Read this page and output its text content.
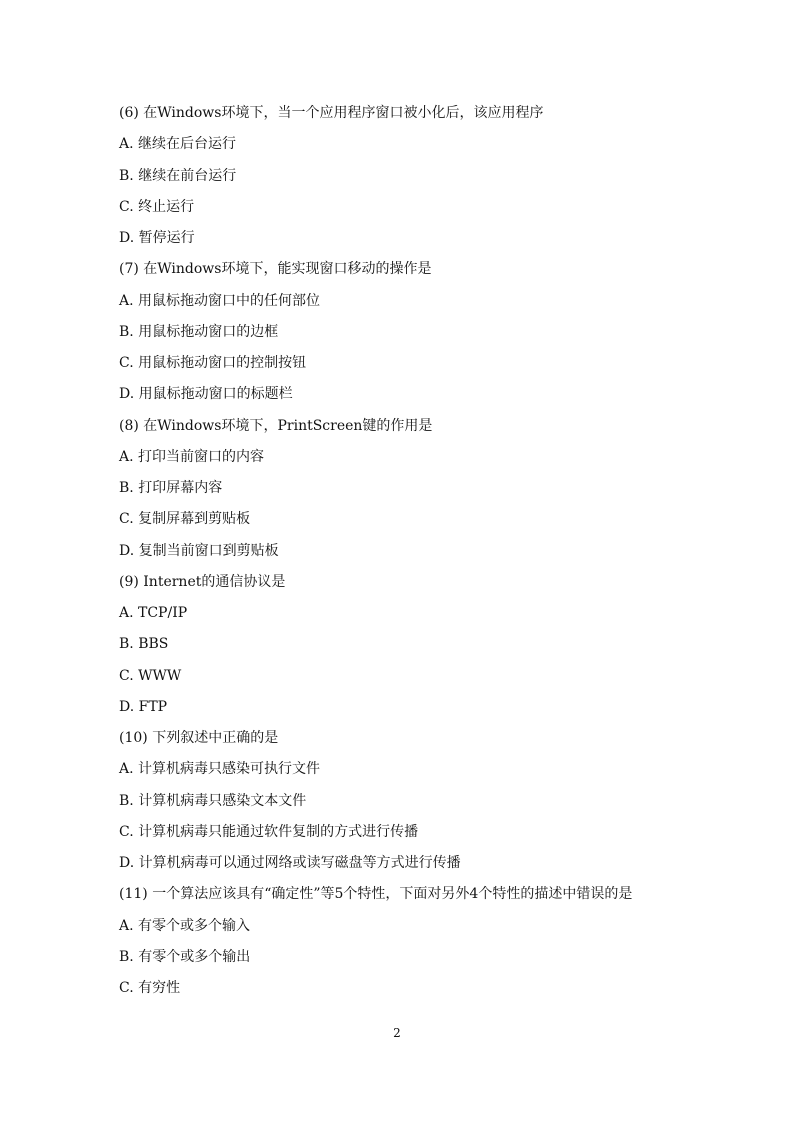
(6) 在Windows环境下，当一个应用程序窗口被小化后，该应用程序
A. 继续在后台运行
B. 继续在前台运行
C. 终止运行
D. 暂停运行
(7) 在Windows环境下，能实现窗口移动的操作是
A. 用鼠标拖动窗口中的任何部位
B. 用鼠标拖动窗口的边框
C. 用鼠标拖动窗口的控制按钮
D. 用鼠标拖动窗口的标题栏
(8) 在Windows环境下，PrintScreen键的作用是
A. 打印当前窗口的内容
B. 打印屏幕内容
C. 复制屏幕到剪贴板
D. 复制当前窗口到剪贴板
(9) Internet的通信协议是
A. TCP/IP
B. BBS
C. WWW
D. FTP
(10) 下列叙述中正确的是
A. 计算机病毒只感染可执行文件
B. 计算机病毒只感染文本文件
C. 计算机病毒只能通过软件复制的方式进行传播
D. 计算机病毒可以通过网络或读写磁盘等方式进行传播
(11) 一个算法应该具有“确定性”等5个特性，下面对另外4个特性的描述中错误的是
A. 有零个或多个输入
B. 有零个或多个输出
C. 有穷性
2
